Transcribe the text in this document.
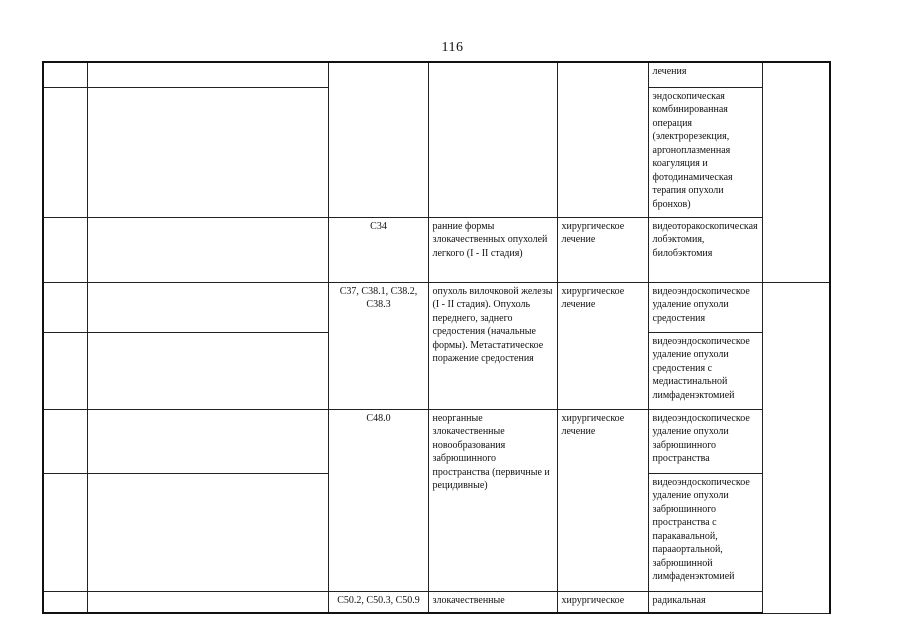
116
					лечения	
					эндоскопическая комбинированная операция (электрорезекция, аргоноплазменная коагуляция и фотодинамическая терапия опухоли бронхов)	
		C34	ранние формы злокачественных опухолей легкого (I - II стадия)	хирургическое лечение	видеоторакоскопическая лобэктомия, билобэктомия	
		C37, C38.1, C38.2, C38.3	опухоль вилочковой железы (I - II стадия). Опухоль переднего, заднего средостения (начальные формы). Метастатическое поражение средостения	хирургическое лечение	видеоэндоскопическое удаление опухоли средостения	
					видеоэндоскопическое удаление опухоли средостения с медиастинальной лимфаденэктомией	
		C48.0	неорганные злокачественные новообразования забрюшинного пространства (первичные и рецидивные)	хирургическое лечение	видеоэндоскопическое удаление опухоли забрюшинного пространства	
					видеоэндоскопическое удаление опухоли забрюшинного пространства с паракавальной, парааортальной, забрюшинной лимфаденэктомией	
		C50.2, C50.3, C50.9	злокачественные	хирургическое	радикальная	
